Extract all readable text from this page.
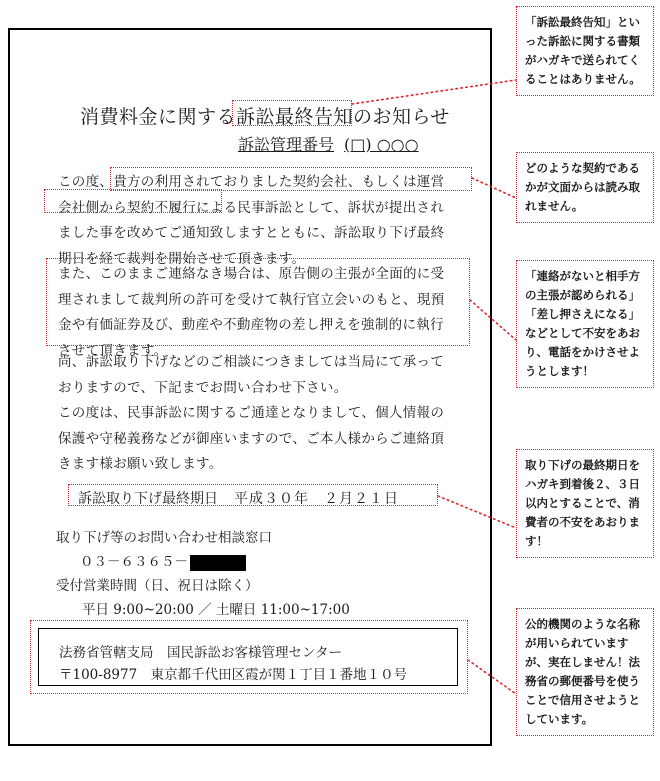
消費料金に関する訴訟最終告知のお知らせ
訴訟管理番号 (□) ○○○
この度、貴方の利用されておりました契約会社、もしくは運営
会社側から契約不履行による民事訴訟として、訴状が提出され
ました事を改めてご通知致しますとともに、訴訟取り下げ最終
期日を経て裁判を開始させて頂きます。
また、このままご連絡なき場合は、原告側の主張が全面的に受
理されまして裁判所の許可を受けて執行官立会いのもと、現預
金や有価証券及び、動産や不動産物の差し押えを強制的に執行
させて頂きます。
尚、訴訟取り下げなどのご相談につきましては当局にて承って
おりますので、下記までお問い合わせ下さい。
この度は、民事訴訟に関するご通達となりまして、個人情報の
保護や守秘義務などが御座いますので、ご本人様からご連絡頂
きます様お願い致します。
訴訟取り下げ最終期日 平成３０年　２月２１日
取り下げ等のお問い合わせ相談窓口
０３－６３６５－
受付営業時間（日、祝日は除く）
平日 9:00~20:00 ／ 土曜日 11:00~17:00
法務省管轄支局　国民訴訟お客様管理センター
〒100-8977　東京都千代田区霞が関１丁目１番地１０号
「訴訟最終告知」といった訴訟に関する書類がハガキで送られてくることはありません。
どのような契約であるかが文面からは読み取れません。
「連絡がないと相手方の主張が認められる」「差し押さえになる」などとして不安をあおり、電話をかけさせようとします！
取り下げの最終期日をハガキ到着後２、３日以内とすることで、消費者の不安をあおります！
公的機関のような名称が用いられていますが、実在しません！法務省の郵便番号を使うことで信用させようとしています。
